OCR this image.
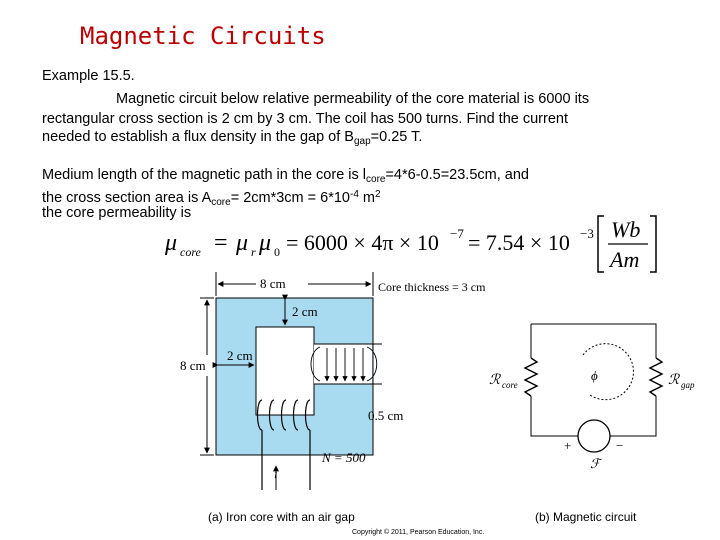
Magnetic Circuits
Example 15.5.
Magnetic circuit below relative permeability of the core material is 6000 its
rectangular cross section is 2 cm by 3 cm. The coil has 500 turns. Find the current
needed to establish a flux density in the gap of $B_{gap}=0.25$ T.
Medium length of the magnetic path in the core is $l_{core}=4*6-0.5=23.5cm$, and
the cross section area is $A_{core}= 2cm*3cm = 6*10^{-4}$ $m^2$
the core permeability is
μ core = μ r μ 0 = 6000 × 4π × 10 −7 = 7.54 × 10 −3 Wb
Am
8 cm	Core thickness = 3 cm
2 cm
8 cm
2 cm
0.5 cm
i
N = 500
(a) Iron core with an air gap
ℛ core	ℛ gap
ϕ
+	−
ℱ
(b) Magnetic circuit
Copyright © 2011, Pearson Education, Inc.
